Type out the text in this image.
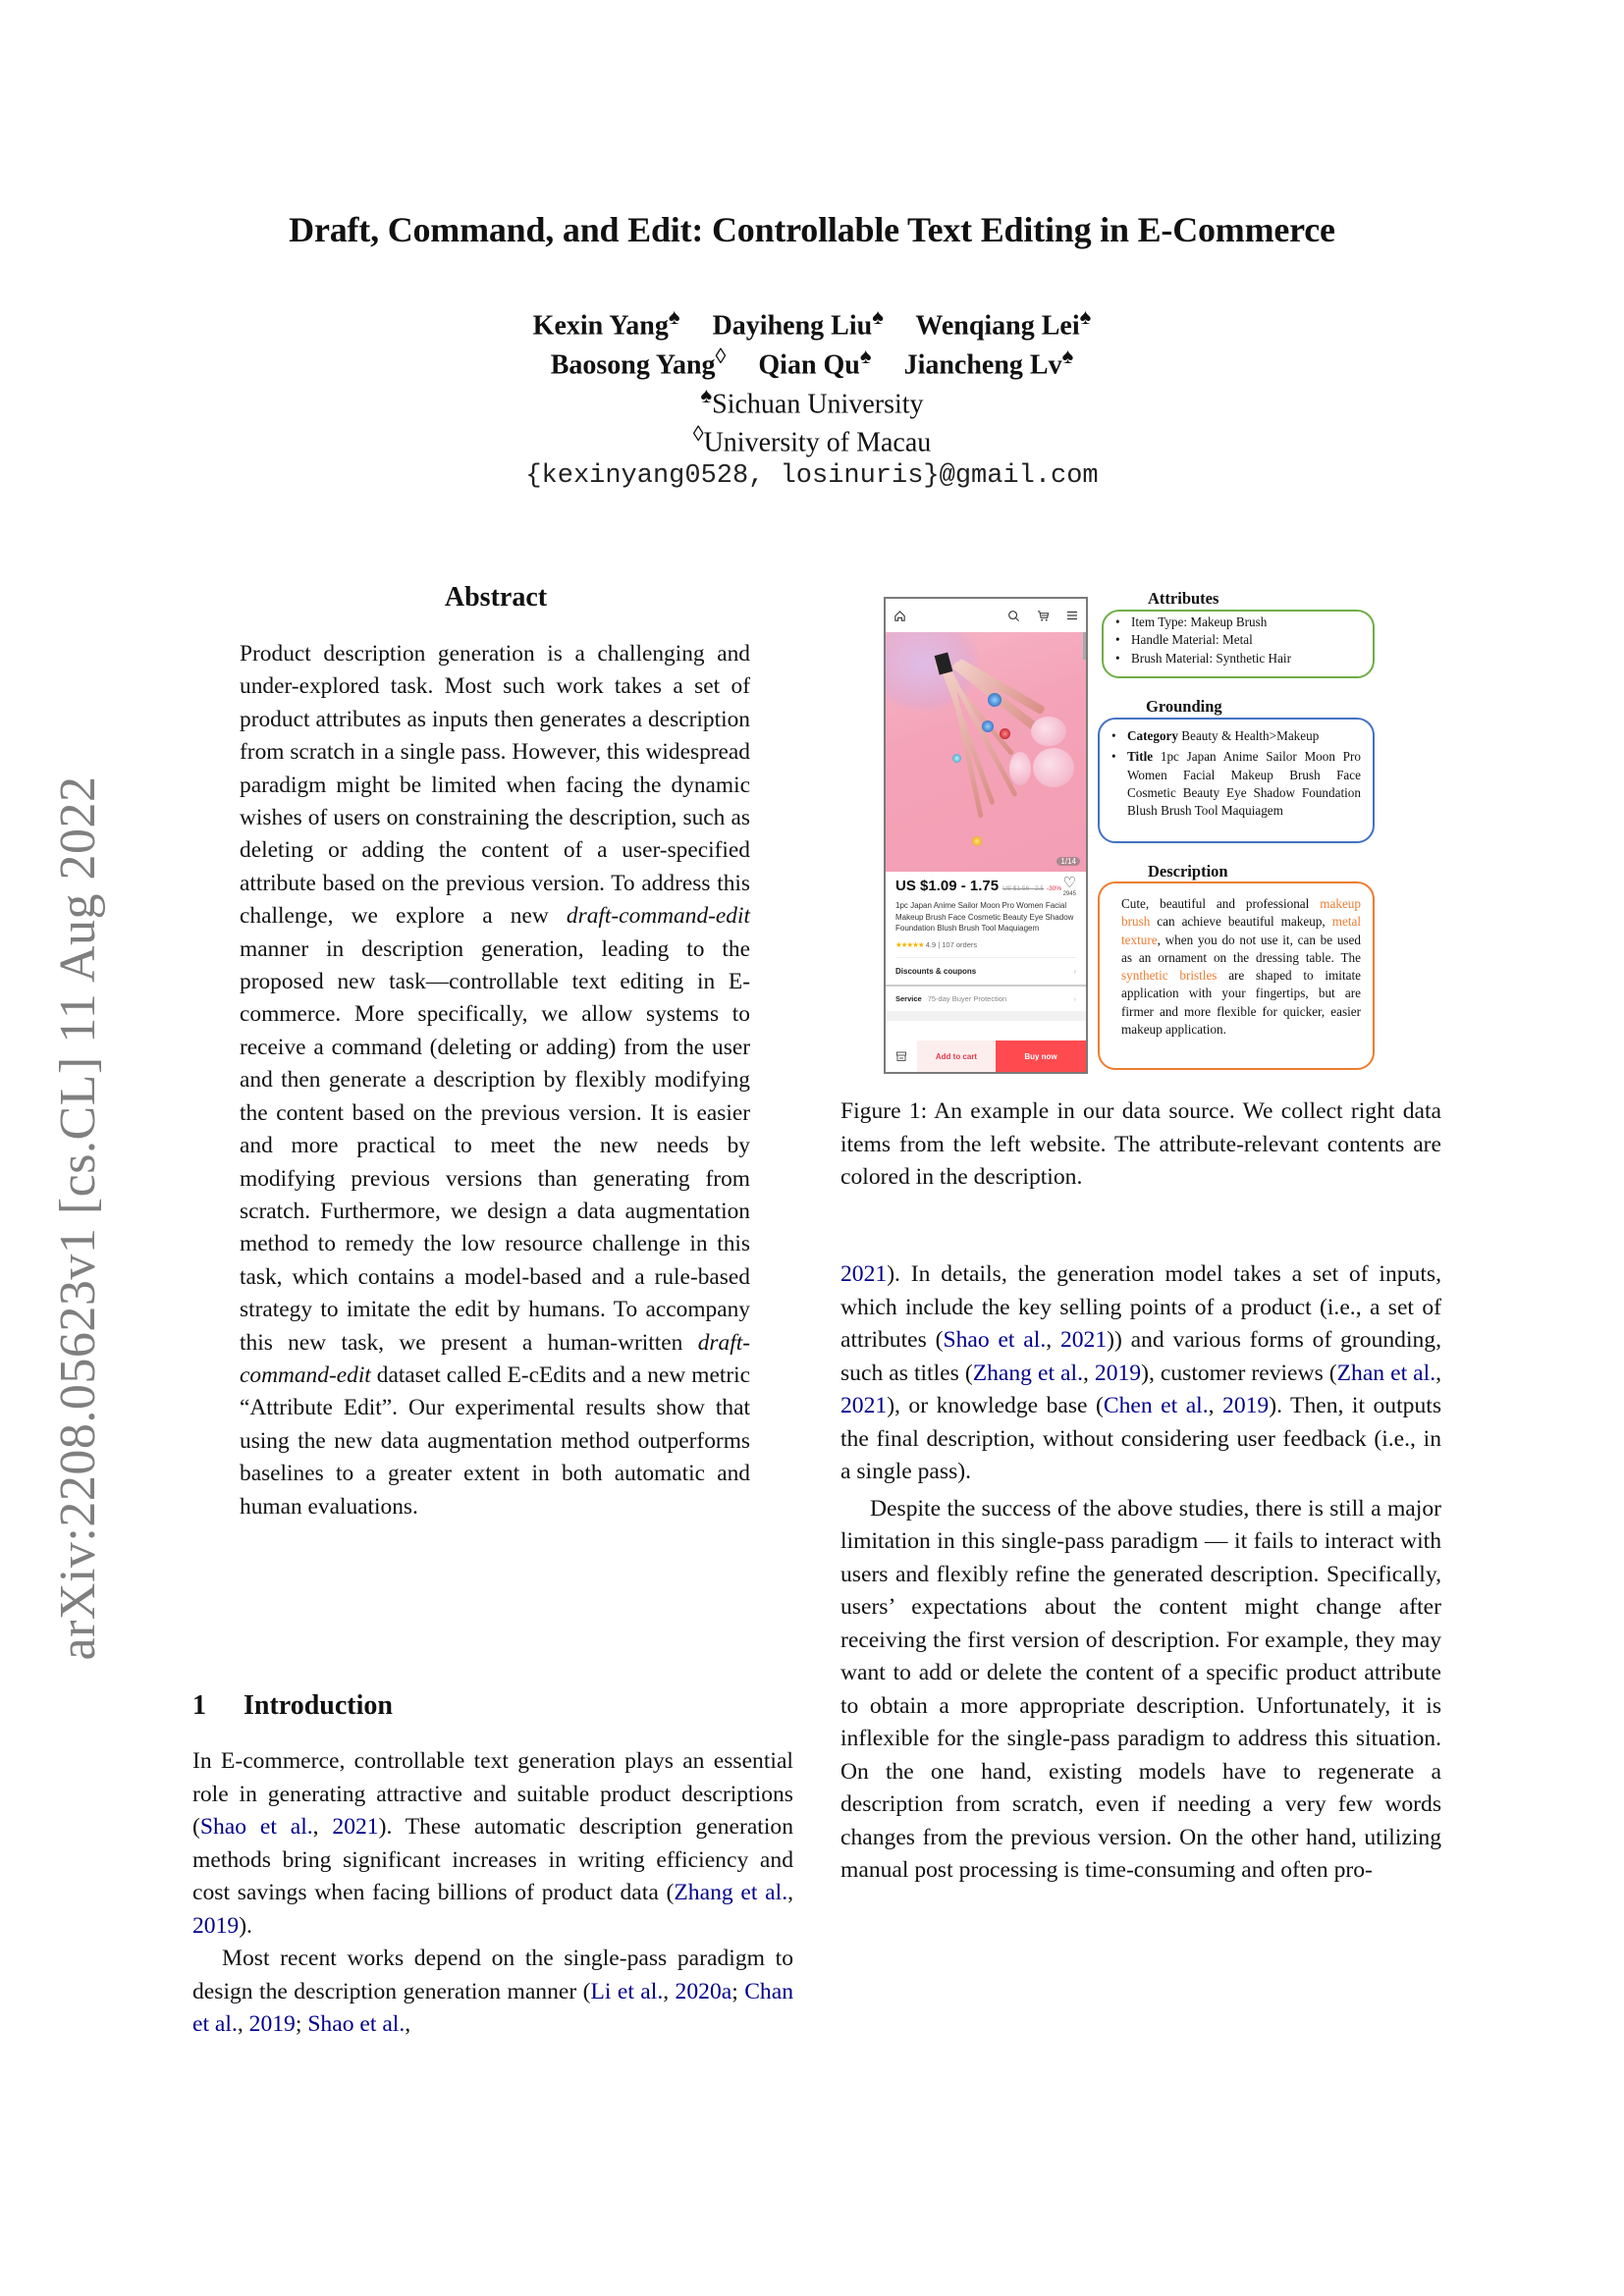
Draft, Command, and Edit: Controllable Text Editing in E-Commerce
Kexin Yang♠ Dayiheng Liu♠ Wenqiang Lei♠
Baosong Yang◊ Qian Qu♠ Jiancheng Lv♠
♠Sichuan University
◊University of Macau
{kexinyang0528, losinuris}@gmail.com
arXiv:2208.05623v1 [cs.CL] 11 Aug 2022
Abstract
Product description generation is a challenging and under-explored task. Most such work takes a set of product attributes as inputs then generates a description from scratch in a single pass. However, this widespread paradigm might be limited when facing the dynamic wishes of users on constraining the description, such as deleting or adding the content of a user-specified attribute based on the previous version. To address this challenge, we explore a new draft-command-edit manner in description generation, leading to the proposed new task—controllable text editing in E-commerce. More specifically, we allow systems to receive a command (deleting or adding) from the user and then generate a description by flexibly modifying the content based on the previous version. It is easier and more practical to meet the new needs by modifying previous versions than generating from scratch. Furthermore, we design a data augmentation method to remedy the low resource challenge in this task, which contains a model-based and a rule-based strategy to imitate the edit by humans. To accompany this new task, we present a human-written draft-command-edit dataset called E-cEdits and a new metric “Attribute Edit”. Our experimental results show that using the new data augmentation method outperforms baselines to a greater extent in both automatic and human evaluations.
1 Introduction

In E-commerce, controllable text generation plays an essential role in generating attractive and suitable product descriptions (Shao et al., 2021). These automatic description generation methods bring significant increases in writing efficiency and cost savings when facing billions of product data (Zhang et al., 2019).

Most recent works depend on the single-pass paradigm to design the description generation manner (Li et al., 2020a; Chan et al., 2019; Shao et al.,

2021). In details, the generation model takes a set of inputs, which include the key selling points of a product (i.e., a set of attributes (Shao et al., 2021)) and various forms of grounding, such as titles (Zhang et al., 2019), customer reviews (Zhan et al., 2021), or knowledge base (Chen et al., 2019). Then, it outputs the final description, without considering user feedback (i.e., in a single pass).

Despite the success of the above studies, there is still a major limitation in this single-pass paradigm — it fails to interact with users and flexibly refine the generated description. Specifically, users’ expectations about the content might change after receiving the first version of description. For example, they may want to add or delete the content of a specific product attribute to obtain a more appropriate description. Unfortunately, it is inflexible for the single-pass paradigm to address this situation. On the one hand, existing models have to regenerate a description from scratch, even if needing a very few words changes from the previous version. On the other hand, utilizing manual post processing is time-consuming and often pro-

1/14
US $1.09 - 1.75 US $1.56 - 2.5 -30% ♡
2945
1pc Japan Anime Sailor Moon Pro Women Facial Makeup Brush Face Cosmetic Beauty Eye Shadow Foundation Blush Brush Tool Maquiagem
★★★★★ 4.9 | 107 orders
Discounts & coupons	›
Service 75-day Buyer Protection	›
Add to cart	Buy now
Attributes
• Item Type: Makeup Brush
• Handle Material: Metal
• Brush Material: Synthetic Hair
Grounding
• Category Beauty & Health>Makeup
• Title 1pc Japan Anime Sailor Moon Pro Women Facial Makeup Brush Face Cosmetic Beauty Eye Shadow Foundation Blush Brush Tool Maquiagem
Description
Cute, beautiful and professional makeup brush can achieve beautiful makeup, metal texture, when you do not use it, can be used as an ornament on the dressing table. The synthetic bristles are shaped to imitate application with your fingertips, but are firmer and more flexible for quicker, easier makeup application.
Figure 1: An example in our data source. We collect right data items from the left website. The attribute-relevant contents are colored in the description.
